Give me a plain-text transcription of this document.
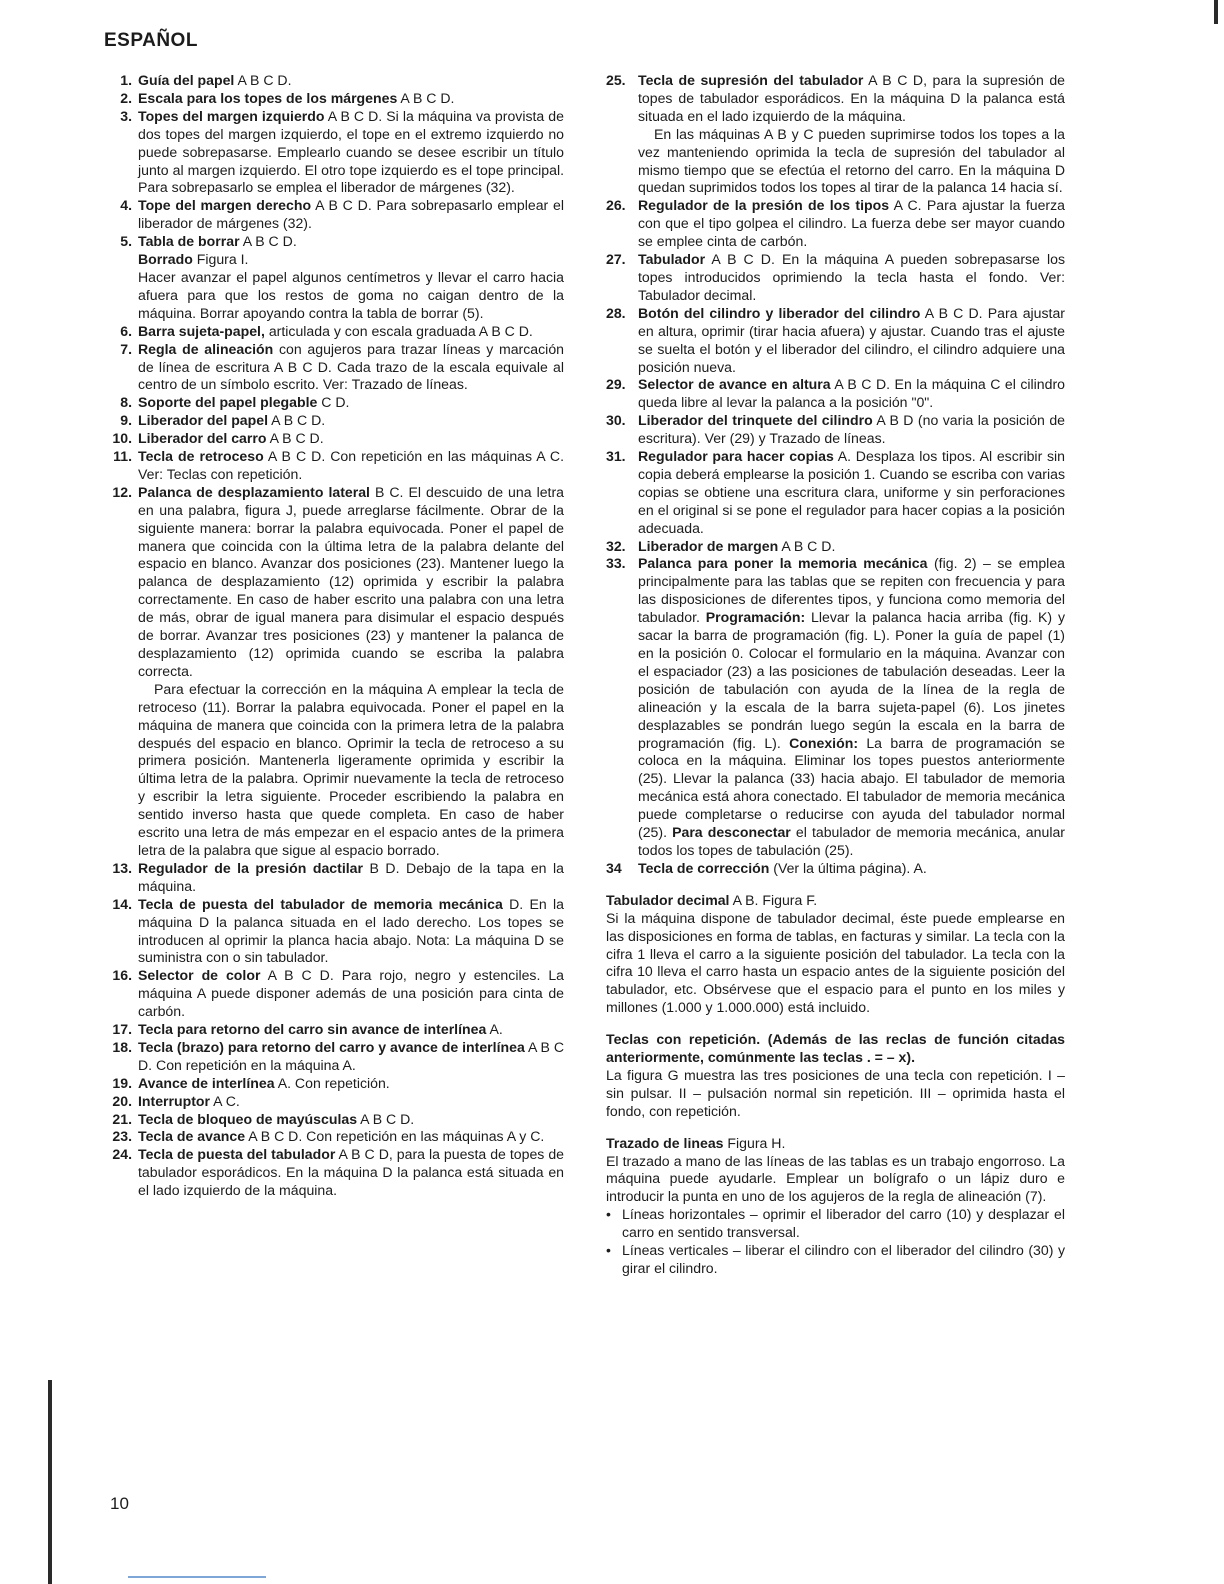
ESPAÑOL
1. Guía del papel A B C D.
2. Escala para los topes de los márgenes A B C D.
3. Topes del margen izquierdo A B C D. Si la máquina va provista de dos topes del margen izquierdo, el tope en el extremo izquierdo no puede sobrepasarse. Emplearlo cuando se desee escribir un título junto al margen izquierdo. El otro tope izquierdo es el tope principal. Para sobrepasarlo se emplea el liberador de márgenes (32).
4. Tope del margen derecho A B C D. Para sobrepasarlo emplear el liberador de márgenes (32).
5. Tabla de borrar A B C D.
Borrado Figura I.
Hacer avanzar el papel algunos centímetros y llevar el carro hacia afuera para que los restos de goma no caigan dentro de la máquina. Borrar apoyando contra la tabla de borrar (5).
6. Barra sujeta-papel, articulada y con escala graduada A B C D.
7. Regla de alineación con agujeros para trazar líneas y marcación de línea de escritura A B C D. Cada trazo de la escala equivale al centro de un símbolo escrito. Ver: Trazado de líneas.
8. Soporte del papel plegable C D.
9. Liberador del papel A B C D.
10. Liberador del carro A B C D.
11. Tecla de retroceso A B C D. Con repetición en las máquinas A C. Ver: Teclas con repetición.
12. Palanca de desplazamiento lateral B C. El descuido de una letra en una palabra, figura J, puede arreglarse fácilmente. Obrar de la siguiente manera: borrar la palabra equivocada. Poner el papel de manera que coincida con la última letra de la palabra delante del espacio en blanco. Avanzar dos posiciones (23). Mantener luego la palanca de desplazamiento (12) oprimida y escribir la palabra correctamente. En caso de haber escrito una palabra con una letra de más, obrar de igual manera para disimular el espacio después de borrar. Avanzar tres posiciones (23) y mantener la palanca de desplazamiento (12) oprimida cuando se escriba la palabra correcta.
Para efectuar la corrección en la máquina A emplear la tecla de retroceso (11). Borrar la palabra equivocada. Poner el papel en la máquina de manera que coincida con la primera letra de la palabra después del espacio en blanco. Oprimir la tecla de retroceso a su primera posición. Mantenerla ligeramente oprimida y escribir la última letra de la palabra. Oprimir nuevamente la tecla de retroceso y escribir la letra siguiente. Proceder escribiendo la palabra en sentido inverso hasta que quede completa. En caso de haber escrito una letra de más empezar en el espacio antes de la primera letra de la palabra que sigue al espacio borrado.
13. Regulador de la presión dactilar B D. Debajo de la tapa en la máquina.
14. Tecla de puesta del tabulador de memoria mecánica D. En la máquina D la palanca situada en el lado derecho. Los topes se introducen al oprimir la planca hacia abajo. Nota: La máquina D se suministra con o sin tabulador.
16. Selector de color A B C D. Para rojo, negro y estenciles. La máquina A puede disponer además de una posición para cinta de carbón.
17. Tecla para retorno del carro sin avance de interlínea A.
18. Tecla (brazo) para retorno del carro y avance de interlínea A B C D. Con repetición en la máquina A.
19. Avance de interlínea A. Con repetición.
20. Interruptor A C.
21. Tecla de bloqueo de mayúsculas A B C D.
23. Tecla de avance A B C D. Con repetición en las máquinas A y C.
24. Tecla de puesta del tabulador A B C D, para la puesta de topes de tabulador esporádicos. En la máquina D la palanca está situada en el lado izquierdo de la máquina.
25. Tecla de supresión del tabulador A B C D, para la supresión de topes de tabulador esporádicos. En la máquina D la palanca está situada en el lado izquierdo de la máquina.
En las máquinas A B y C pueden suprimirse todos los topes a la vez manteniendo oprimida la tecla de supresión del tabulador al mismo tiempo que se efectúa el retorno del carro. En la máquina D quedan suprimidos todos los topes al tirar de la palanca 14 hacia sí.
26. Regulador de la presión de los tipos A C. Para ajustar la fuerza con que el tipo golpea el cilindro. La fuerza debe ser mayor cuando se emplee cinta de carbón.
27. Tabulador A B C D. En la máquina A pueden sobrepasarse los topes introducidos oprimiendo la tecla hasta el fondo. Ver: Tabulador decimal.
28. Botón del cilindro y liberador del cilindro A B C D. Para ajustar en altura, oprimir (tirar hacia afuera) y ajustar. Cuando tras el ajuste se suelta el botón y el liberador del cilindro, el cilindro adquiere una posición nueva.
29. Selector de avance en altura A B C D. En la máquina C el cilindro queda libre al levar la palanca a la posición "0".
30. Liberador del trinquete del cilindro A B D (no varia la posición de escritura). Ver (29) y Trazado de líneas.
31. Regulador para hacer copias A. Desplaza los tipos. Al escribir sin copia deberá emplearse la posición 1. Cuando se escriba con varias copias se obtiene una escritura clara, uniforme y sin perforaciones en el original si se pone el regulador para hacer copias a la posición adecuada.
32. Liberador de margen A B C D.
33. Palanca para poner la memoria mecánica (fig. 2) – se emplea principalmente para las tablas que se repiten con frecuencia y para las disposiciones de diferentes tipos, y funciona como memoria del tabulador. Programación: Llevar la palanca hacia arriba (fig. K) y sacar la barra de programación (fig. L). Poner la guía de papel (1) en la posición 0. Colocar el formulario en la máquina. Avanzar con el espaciador (23) a las posiciones de tabulación deseadas. Leer la posición de tabulación con ayuda de la línea de la regla de alineación y la escala de la barra sujeta-papel (6). Los jinetes desplazables se pondrán luego según la escala en la barra de programación (fig. L). Conexión: La barra de programación se coloca en la máquina. Eliminar los topes puestos anteriormente (25). Llevar la palanca (33) hacia abajo. El tabulador de memoria mecánica está ahora conectado. El tabulador de memoria mecánica puede completarse o reducirse con ayuda del tabulador normal (25). Para desconectar el tabulador de memoria mecánica, anular todos los topes de tabulación (25).
34	Tecla de corrección (Ver la última página). A.
Tabulador decimal A B. Figura F.
Si la máquina dispone de tabulador decimal, éste puede emplearse en las disposiciones en forma de tablas, en facturas y similar. La tecla con la cifra 1 lleva el carro a la siguiente posición del tabulador. La tecla con la cifra 10 lleva el carro hasta un espacio antes de la siguiente posición del tabulador, etc. Obsérvese que el espacio para el punto en los miles y millones (1.000 y 1.000.000) está incluido.
Teclas con repetición. (Además de las reclas de función citadas anteriormente, comúnmente las teclas . = – x).
La figura G muestra las tres posiciones de una tecla con repetición. I – sin pulsar. II – pulsación normal sin repetición. III – oprimida hasta el fondo, con repetición.
Trazado de lineas Figura H.
El trazado a mano de las líneas de las tablas es un trabajo engorroso. La máquina puede ayudarle. Emplear un bolígrafo o un lápiz duro e introducir la punta en uno de los agujeros de la regla de alineación (7).
• Líneas horizontales – oprimir el liberador del carro (10) y desplazar el carro en sentido transversal.
• Líneas verticales – liberar el cilindro con el liberador del cilindro (30) y girar el cilindro.
10
